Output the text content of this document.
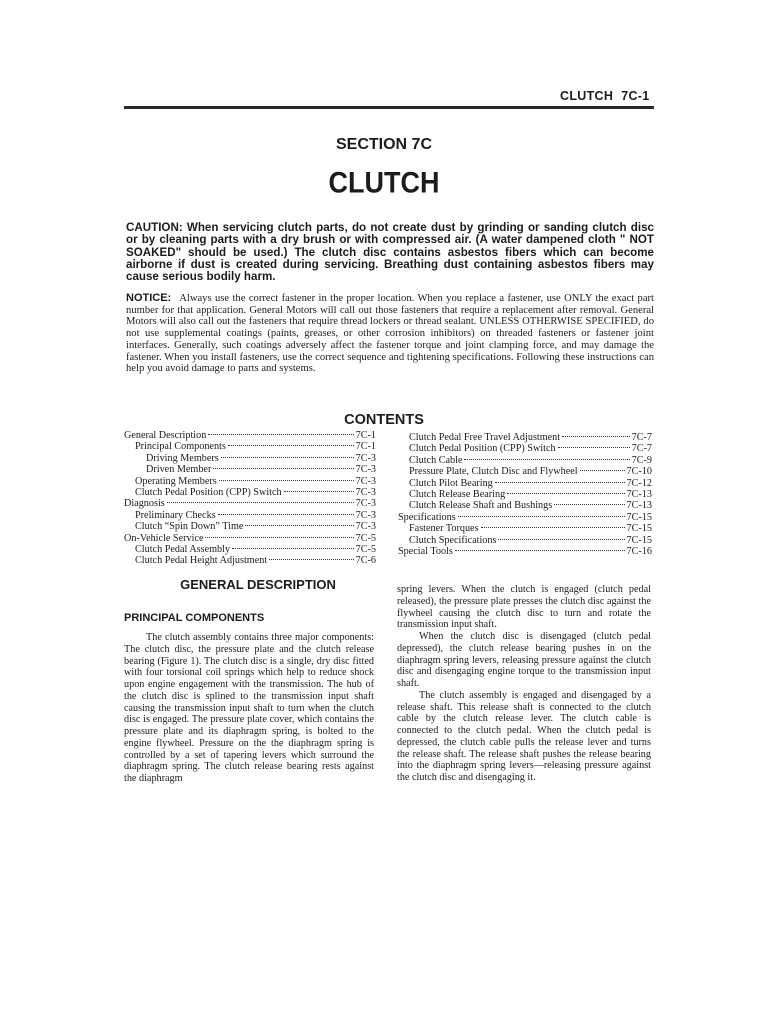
CLUTCH 7C-1
SECTION 7C
CLUTCH
CAUTION: When servicing clutch parts, do not create dust by grinding or sanding clutch disc or by cleaning parts with a dry brush or with compressed air. (A water dampened cloth " NOT SOAKED" should be used.) The clutch disc contains asbestos fibers which can become airborne if dust is created during servicing. Breathing dust containing asbestos fibers may cause serious bodily harm.
NOTICE: Always use the correct fastener in the proper location. When you replace a fastener, use ONLY the exact part number for that application. General Motors will call out those fasteners that require a replacement after removal. General Motors will also call out the fasteners that require thread lockers or thread sealant. UNLESS OTHERWISE SPECIFIED, do not use supplemental coatings (paints, greases, or other corrosion inhibitors) on threaded fasteners or fastener joint interfaces. Generally, such coatings adversely affect the fastener torque and joint clamping force, and may damage the fastener. When you install fasteners, use the correct sequence and tightening specifications. Following these instructions can help you avoid damage to parts and systems.
CONTENTS
General Description	7C-1
Principal Components	7C-1
Driving Members	7C-3
Driven Member	7C-3
Operating Members	7C-3
Clutch Pedal Position (CPP) Switch	7C-3
Diagnosis	7C-3
Preliminary Checks	7C-3
Clutch “Spin Down” Time	7C-3
On-Vehicle Service	7C-5
Clutch Pedal Assembly	7C-5
Clutch Pedal Height Adjustment	7C-6
Clutch Pedal Free Travel Adjustment	7C-7
Clutch Pedal Position (CPP) Switch	7C-7
Clutch Cable	7C-9
Pressure Plate, Clutch Disc and Flywheel	7C-10
Clutch Pilot Bearing	7C-12
Clutch Release Bearing	7C-13
Clutch Release Shaft and Bushings	7C-13
Specifications	7C-15
Fastener Torques	7C-15
Clutch Specifications	7C-15
Special Tools	7C-16
GENERAL DESCRIPTION
PRINCIPAL COMPONENTS

The clutch assembly contains three major components: The clutch disc, the pressure plate and the clutch release bearing (Figure 1). The clutch disc is a single, dry disc fitted with four torsional coil springs which help to reduce shock upon engine engagement with the transmission. The hub of the clutch disc is splined to the transmission input shaft causing the transmission input shaft to turn when the clutch disc is engaged. The pressure plate cover, which contains the pressure plate and its diaphragm spring, is bolted to the engine flywheel. Pressure on the the diaphragm spring is controlled by a set of tapering levers which surround the diaphragm spring. The clutch release bearing rests against the diaphragm

spring levers. When the clutch is engaged (clutch pedal released), the pressure plate presses the clutch disc against the flywheel causing the clutch disc to turn and rotate the transmission input shaft.

When the clutch disc is disengaged (clutch pedal depressed), the clutch release bearing pushes in on the diaphragm spring levers, releasing pressure against the clutch disc and disengaging engine torque to the transmission input shaft.

The clutch assembly is engaged and disengaged by a release shaft. This release shaft is connected to the clutch cable by the clutch release lever. The clutch cable is connected to the clutch pedal. When the clutch pedal is depressed, the clutch cable pulls the release lever and turns the release shaft. The release shaft pushes the release bearing into the diaphragm spring levers—releasing pressure against the clutch disc and disengaging it.
